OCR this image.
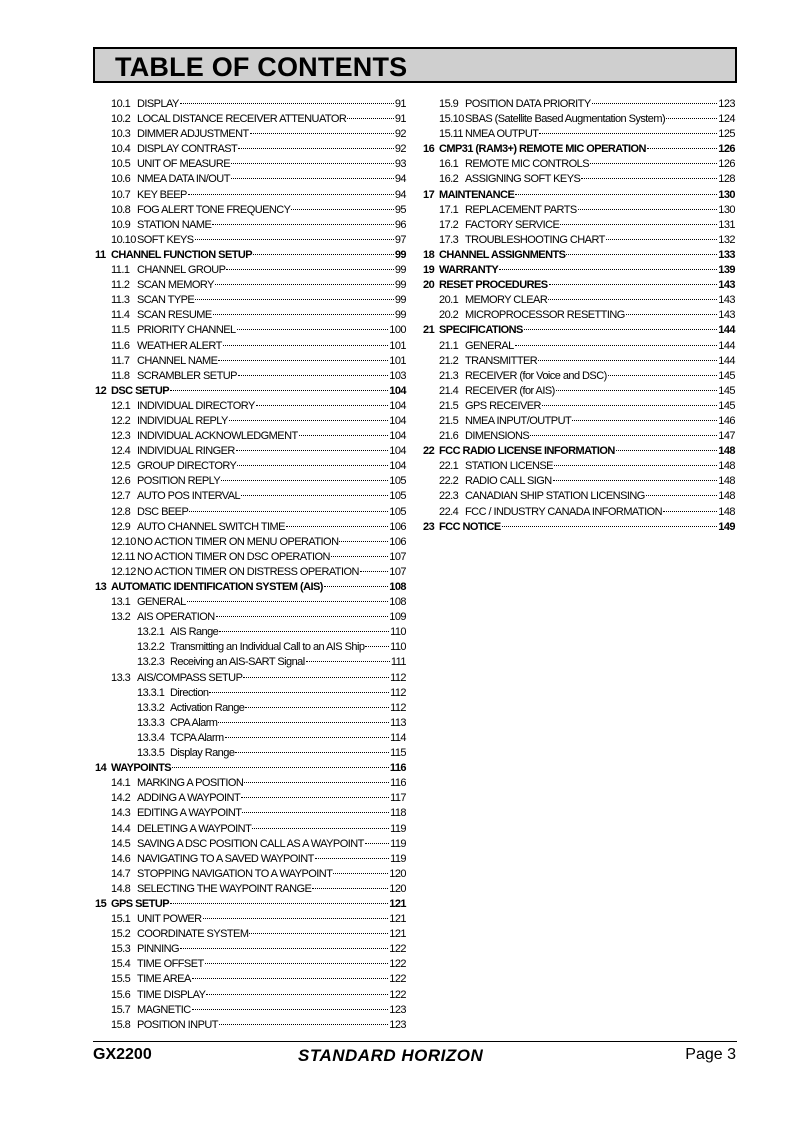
TABLE OF CONTENTS
10.1 DISPLAY	91
10.2 LOCAL DISTANCE RECEIVER ATTENUATOR	91
10.3 DIMMER ADJUSTMENT	92
10.4 DISPLAY CONTRAST	92
10.5 UNIT OF MEASURE	93
10.6 NMEA DATA IN/OUT	94
10.7 KEY BEEP	94
10.8 FOG ALERT TONE FREQUENCY	95
10.9 STATION NAME	96
10.10 SOFT KEYS	97
11 CHANNEL FUNCTION SETUP	99
11.1 CHANNEL GROUP	99
11.2 SCAN MEMORY	99
11.3 SCAN TYPE	99
11.4 SCAN RESUME	99
11.5 PRIORITY CHANNEL	100
11.6 WEATHER ALERT	101
11.7 CHANNEL NAME	101
11.8 SCRAMBLER SETUP	103
12 DSC SETUP	104
12.1 INDIVIDUAL DIRECTORY	104
12.2 INDIVIDUAL REPLY	104
12.3 INDIVIDUAL ACKNOWLEDGMENT	104
12.4 INDIVIDUAL RINGER	104
12.5 GROUP DIRECTORY	104
12.6 POSITION REPLY	105
12.7 AUTO POS INTERVAL	105
12.8 DSC BEEP	105
12.9 AUTO CHANNEL SWITCH TIME	106
12.10 NO ACTION TIMER ON MENU OPERATION	106
12.11 NO ACTION TIMER ON DSC OPERATION	107
12.12 NO ACTION TIMER ON DISTRESS OPERATION	107
13 AUTOMATIC IDENTIFICATION SYSTEM (AIS)	108
13.1 GENERAL	108
13.2 AIS OPERATION	109
13.2.1 AIS Range	110
13.2.2 Transmitting an Individual Call to an AIS Ship 110
13.2.3 Receiving an AIS-SART Signal	111
13.3 AIS/COMPASS SETUP	112
13.3.1 Direction	112
13.3.2 Activation Range	112
13.3.3 CPA Alarm	113
13.3.4 TCPA Alarm	114
13.3.5 Display Range	115
14 WAYPOINTS	116
14.1 MARKING A POSITION	116
14.2 ADDING A WAYPOINT	117
14.3 EDITING A WAYPOINT	118
14.4 DELETING A WAYPOINT	119
14.5 SAVING A DSC POSITION CALL AS A WAYPOINT 119
14.6 NAVIGATING TO A SAVED WAYPOINT	119
14.7 STOPPING NAVIGATION TO A WAYPOINT	120
14.8 SELECTING THE WAYPOINT RANGE	120
15 GPS SETUP	121
15.1 UNIT POWER	121
15.2 COORDINATE SYSTEM	121
15.3 PINNING	122
15.4 TIME OFFSET	122
15.5 TIME AREA	122
15.6 TIME DISPLAY	122
15.7 MAGNETIC	123
15.8 POSITION INPUT	123
15.9 POSITION DATA PRIORITY	123
15.10 SBAS (Satellite Based Augmentation System)	124
15.11 NMEA OUTPUT	125
16 CMP31 (RAM3+) REMOTE MIC OPERATION	126
16.1 REMOTE MIC CONTROLS	126
16.2 ASSIGNING SOFT KEYS	128
17 MAINTENANCE	130
17.1 REPLACEMENT PARTS	130
17.2 FACTORY SERVICE	131
17.3 TROUBLESHOOTING CHART	132
18 CHANNEL ASSIGNMENTS	133
19 WARRANTY	139
20 RESET PROCEDURES	143
20.1 MEMORY CLEAR	143
20.2 MICROPROCESSOR RESETTING	143
21 SPECIFICATIONS	144
21.1 GENERAL	144
21.2 TRANSMITTER	144
21.3 RECEIVER (for Voice and DSC)	145
21.4 RECEIVER (for AIS)	145
21.5 GPS RECEIVER	145
21.5 NMEA INPUT/OUTPUT	146
21.6 DIMENSIONS	147
22 FCC RADIO LICENSE INFORMATION	148
22.1 STATION LICENSE	148
22.2 RADIO CALL SIGN	148
22.3 CANADIAN SHIP STATION LICENSING	148
22.4 FCC / INDUSTRY CANADA INFORMATION	148
23 FCC NOTICE	149
GX2200	STANDARD HORIZON	Page 3
